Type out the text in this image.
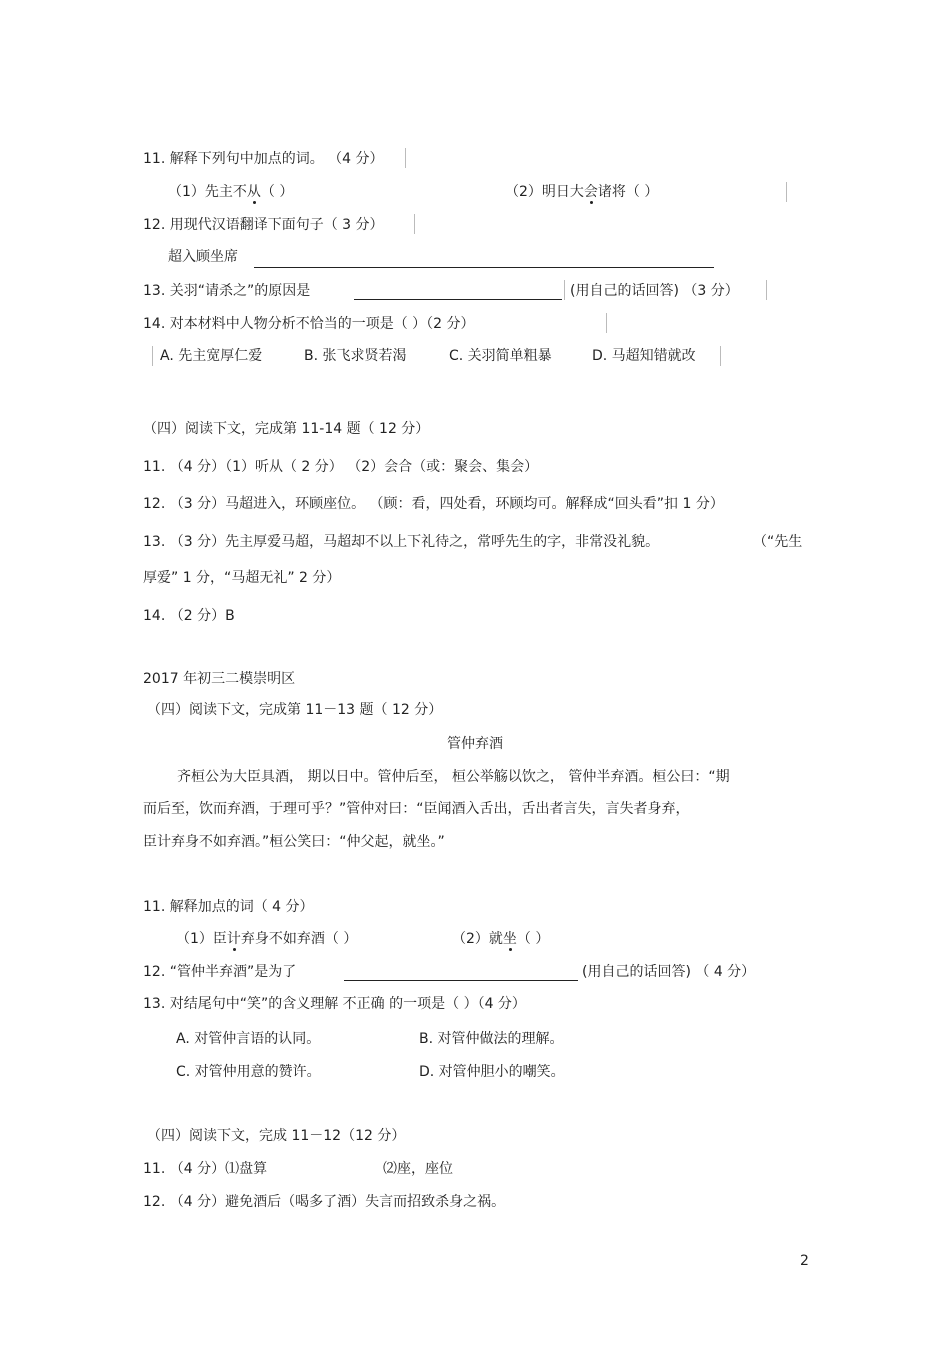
11. 解释下列句中加点的词。 （4 分）
（1）先主不从（ ）	（2）明日大会诸将（ ）
12. 用现代汉语翻译下面句子（ 3 分）
超入顾坐席
13. 关羽“请杀之”的原因是	(用自己的话回答) （3 分）
14. 对本材料中人物分析不恰当的一项是（ ）（2 分）
A. 先主宽厚仁爱	B. 张飞求贤若渴	C. 关羽简单粗暴	D. 马超知错就改
（四）阅读下文，完成第 11-14 题（ 12 分）
11. （4 分）（1）听从（ 2 分） （2）会合（或：聚会、集会）
12. （3 分）马超进入，环顾座位。 （顾：看，四处看，环顾均可。解释成“回头看”扣 1 分）
13. （3 分）先主厚爱马超，马超却不以上下礼待之，常呼先生的字，非常没礼貌。	（“先生
厚爱” 1 分，“马超无礼” 2 分）
14. （2 分）B
2017 年初三二模崇明区
（四）阅读下文，完成第 11－13 题（ 12 分）
管仲弃酒
齐桓公为大臣具酒， 期以日中。管仲后至， 桓公举觞以饮之， 管仲半弃酒。桓公曰：“期
而后至，饮而弃酒，于理可乎？”管仲对曰：“臣闻酒入舌出，舌出者言失，言失者身弃，
臣计弃身不如弃酒。”桓公笑曰：“仲父起，就坐。”
11. 解释加点的词（ 4 分）
（1）臣计弃身不如弃酒（ ）	（2）就坐（ ）
12. “管仲半弃酒”是为了	(用自己的话回答) （ 4 分）
13. 对结尾句中“笑”的含义理解 不正确 的一项是（ ）（4 分）
A. 对管仲言语的认同。	B. 对管仲做法的理解。
C. 对管仲用意的赞许。	D. 对管仲胆小的嘲笑。
（四）阅读下文，完成 11－12（12 分）
11. （4 分）⑴盘算	⑵座，座位
12. （4 分）避免酒后（喝多了酒）失言而招致杀身之祸。
2
